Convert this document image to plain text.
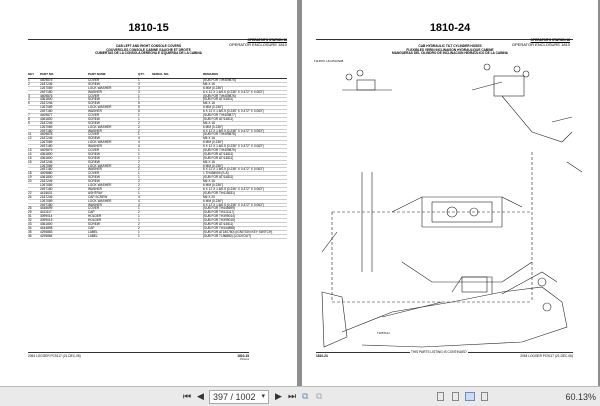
1810-15
OPERATOR'S STATION 18
OPERATOR ENCLOSURE 1810
CAB LEFT AND RIGHT CONSOLE COVERS
COUVERCLES CONSOLE CABINE GAUCHE ET DROITE
CUBIERTAS DE LA CONSOLA DERECHA E IZQUIERDA DE LA CABINA
KEY PART NO.	PART NAME	QTY. SERIAL NO.	REMARKS
1	4409875	COVER	1	(SUB FOR T/H409875)
2	2187246	SCREW	3	M6 X 16
1267089	LOCK WASHER	3	6 MM (0.236")
2497180	WASHER	3	6 X 12 X 1.6/0.5 (0.236" X 0.472" X 0.063")
3	4409876	COVER	1	(SUB FOR T/H409876)
4	4361800	SCREW	1	(SUB FOR AT/14811)
5	2187246	SCREW	5	M6 X 16
1267089	LOCK WASHER	5	6 MM (0.236")
2497180	WASHER	5	6 X 12 X 1.6/0.5 (0.236" X 0.472" X 0.063")
7	4409877	COVER	1	(SUB FOR T/H409877)
8	4361800	SCREW	1	(SUB FOR AT/14811)
9	2187246	SCREW	2	M6 X 16
1267089	LOCK WASHER	2	6 MM (0.236")
2497180	WASHER	2	6 X 12 X 1.6/0.5 (0.236" X 0.472" X 0.063")
11	4409878	COVER	1	(SUB FOR T/H409878)
12	2187246	SCREW	4	M6 X 16
1267089	LOCK WASHER	4	6 MM (0.236")
2497180	WASHER	4	6 X 12 X 1.6/0.5 (0.236" X 0.472" X 0.063")
13	4409879	COVER	1	(SUB FOR T/H409879)
14	4361800	SCREW	1	(SUB FOR AT/14811)
15	4361800	SCREW	1	(SUB FOR AT/14811)
16	2187246	SCREW	2	M6 X 16
1267089	LOCK WASHER	2	6 MM (0.236")
2497180	WASHER	2	6 X 12 X 1.6/0.5 (0.236" X 0.472" X 0.063")
18	4409880	COVER	1	1 TH438909 (S.A)
19	4361800	SCREW	1	(SUB FOR AT/14811)
20	2187246	SCREW	2	M6 X 16
1267089	LOCK WASHER	2	6 MM (0.236")
2497180	WASHER	2	6 X 12 X 1.6/0.5 (0.236" X 0.472" X 0.063")
22	4415631	ASHTRAY	1	(SUB FOR TH415631)
24	2187246	CAP SCREW	4	M6 X 20
1267089	LOCK WASHER	4	6 MM (0.236")
2497180	WASHER	4	6 X 12 X 1.6/0.5 (0.236" X 0.472" X 0.063")
26	4445699	COVER	1	(SUB FOR TH445699)
29	4411117	CAP	2	(SUB FOR TH411117)
31	3099014	HOLDER	1	(SUB FOR TH399014)
32	3099015	HOLDER	1	(SUB FOR TH399015)
33	4361800	SCREW	2	(SUB FOR AT/14811)
34	4444898	CAP	2	(SUB FOR TH444898)
35	4295883	LABEL	1	(SUB FOR AT180780) (IGNITION KEY SWITCH)
36	4295884	LABEL	1	(SUB FOR T196880) (LOCKOUT)
2054 LOGGER PC9117 (21-DEC-06)	1810-15
PCxxxx
1810-24
OPERATOR'S STATION 18
OPERATOR ENCLOSURE 1810
CAB HYDRAULIC TILT CYLINDER HOSES
FLEXIBLES VERIN INCLINAISON HYDRAULIQUE CABINE
MANGUERAS DEL CILINDRO DE INCLINACION HIDRAULICO DE LA CABINA
T113970 -UN-05JUN08
T105T121
1810-24
THIS PARTS LISTING IS CONTINUED
2054 LOGGER PC9117 (21-DEC-06)
⏮ ◀	397 / 1002 ▾ ▶ ⏭ ⧉ ⧉	60.13%
